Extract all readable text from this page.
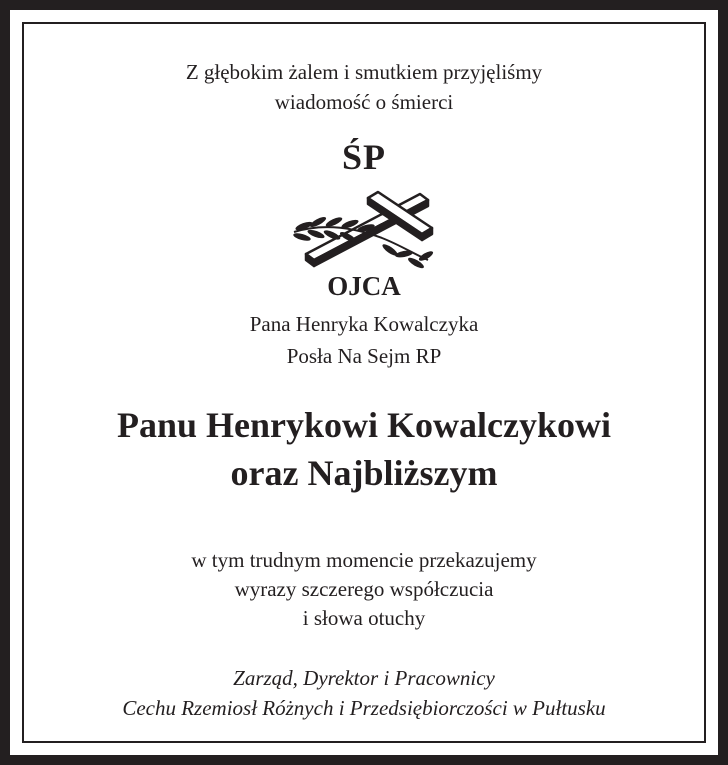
Z głębokim żalem i smutkiem przyjęliśmy
wiadomość o śmierci
ŚP
OJCA
Pana Henryka Kowalczyka
Posła Na Sejm RP
Panu Henrykowi Kowalczykowi
oraz Najbliższym
w tym trudnym momencie przekazujemy
wyrazy szczerego współczucia
i słowa otuchy
Zarząd, Dyrektor i Pracownicy
Cechu Rzemiosł Różnych i Przedsiębiorczości w Pułtusku
